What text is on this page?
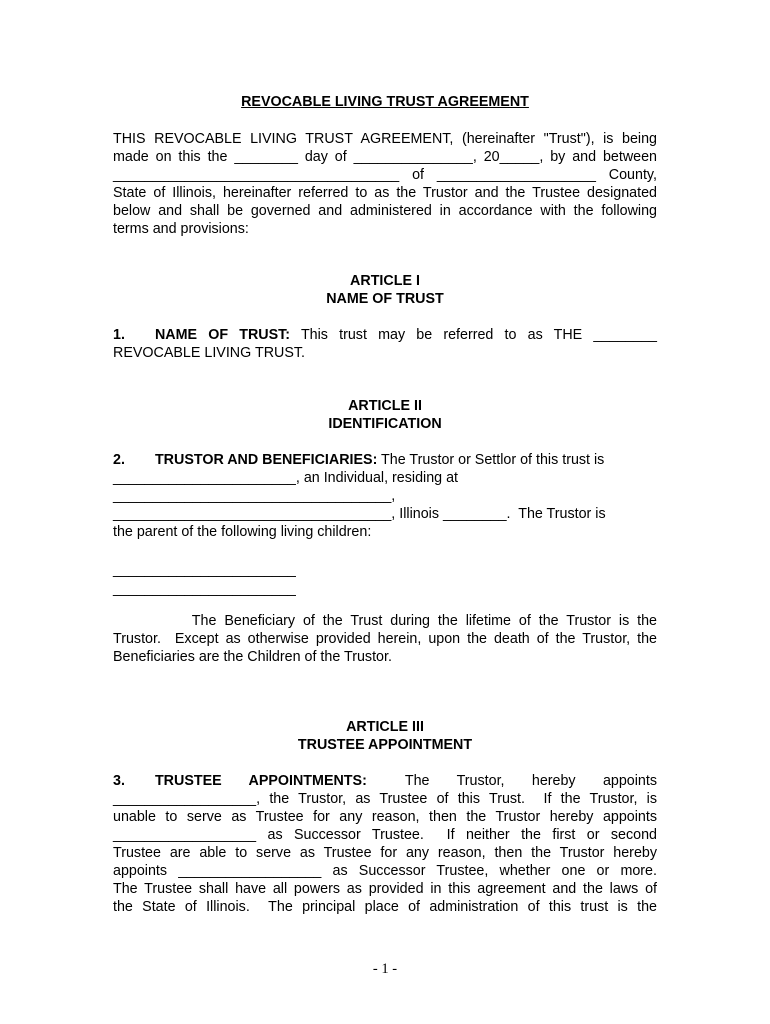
REVOCABLE LIVING TRUST AGREEMENT
THIS REVOCABLE LIVING TRUST AGREEMENT, (hereinafter "Trust"), is being
made on this the ________ day of _______________, 20_____, by and between
____________________________________ of ____________________ County,
State of Illinois, hereinafter referred to as the Trustor and the Trustee designated
below and shall be governed and administered in accordance with the following
terms and provisions:
ARTICLE I
NAME OF TRUST
1. NAME OF TRUST: This trust may be referred to as THE ________
REVOCABLE LIVING TRUST.
ARTICLE II
IDENTIFICATION
2. TRUSTOR AND BENEFICIARIES: The Trustor or Settlor of this trust is
_______________________, an Individual, residing at
___________________________________,
___________________________________, Illinois ________.  The Trustor is
the parent of the following living children:
_______________________
_______________________
The Beneficiary of the Trust during the lifetime of the Trustor is the
Trustor.  Except as otherwise provided herein, upon the death of the Trustor, the
Beneficiaries are the Children of the Trustor.
ARTICLE III
TRUSTEE APPOINTMENT
3. TRUSTEE APPOINTMENTS:	The Trustor, hereby appoints
__________________, the Trustor, as Trustee of this Trust.  If the Trustor, is
unable to serve as Trustee for any reason, then the Trustor hereby appoints
__________________ as Successor Trustee.  If neither the first or second
Trustee are able to serve as Trustee for any reason, then the Trustor hereby
appoints __________________ as Successor Trustee, whether one or more.
The Trustee shall have all powers as provided in this agreement and the laws of
the State of Illinois.  The principal place of administration of this trust is the
- 1 -
